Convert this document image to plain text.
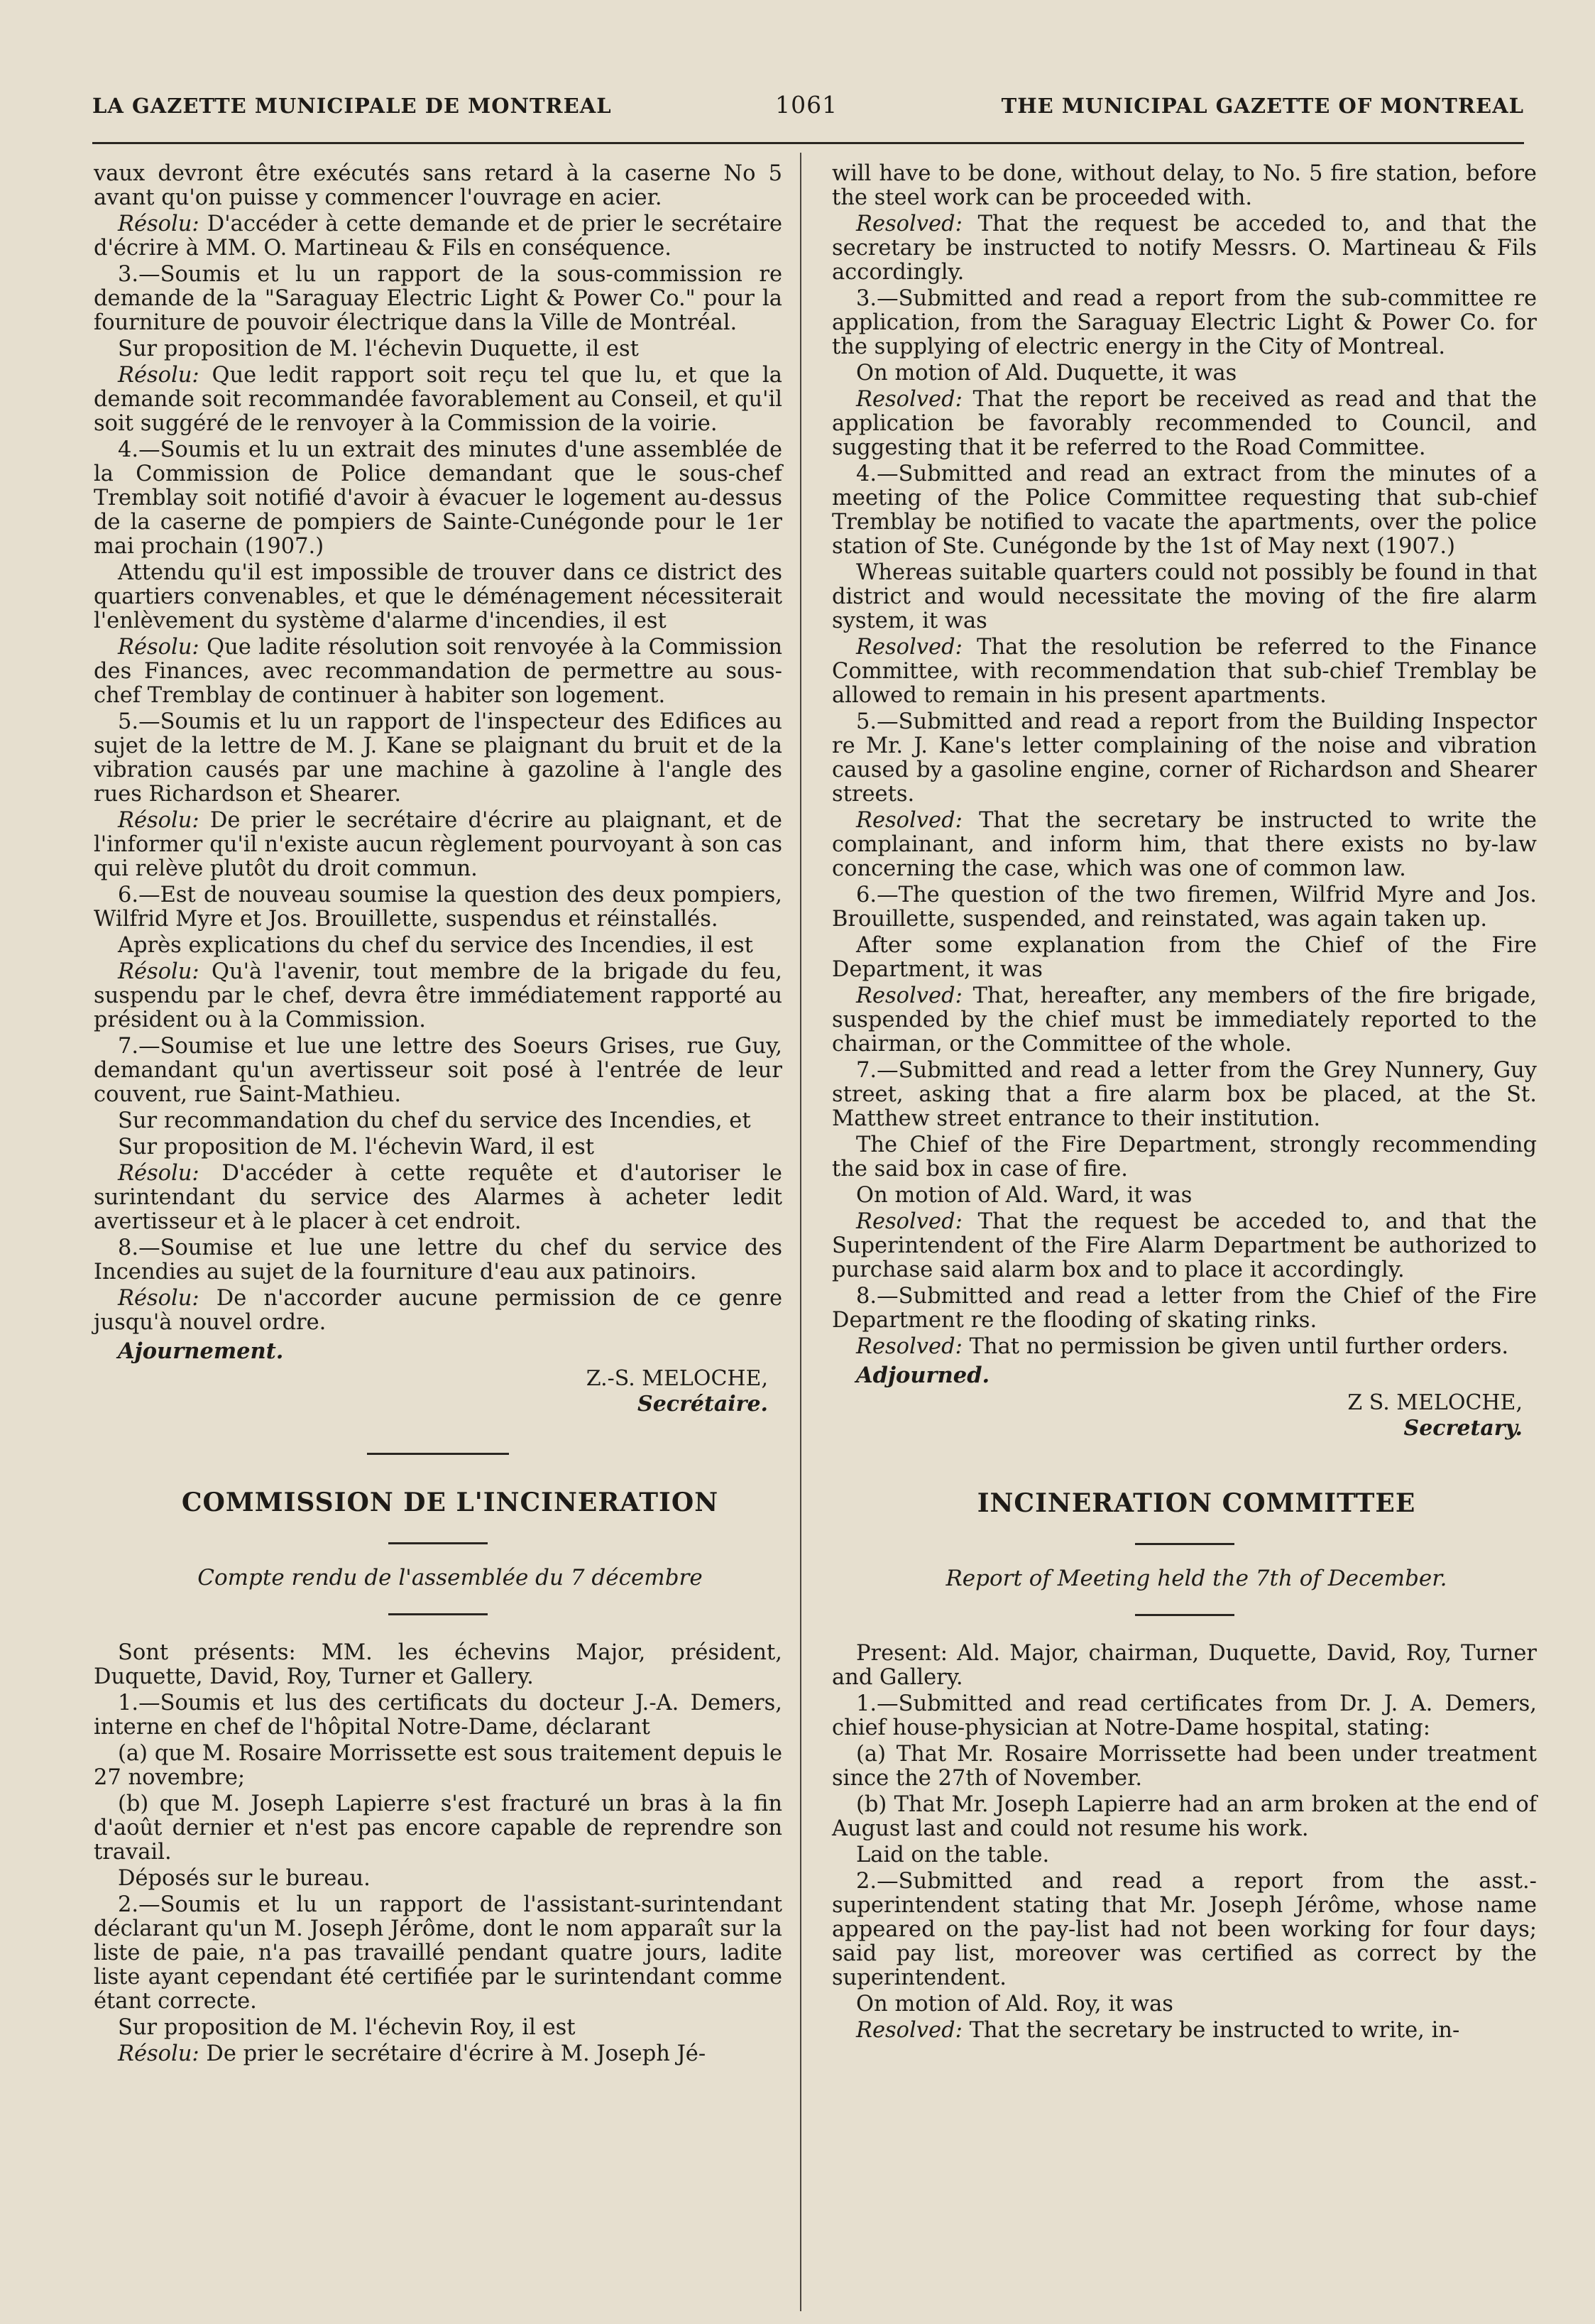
LA GAZETTE MUNICIPALE DE MONTREAL	1061	THE MUNICIPAL GAZETTE OF MONTREAL

vaux devront être exécutés sans retard à la caserne No 5 avant qu'on puisse y commencer l'ouvrage en acier.

Résolu: D'accéder à cette demande et de prier le secrétaire d'écrire à MM. O. Martineau & Fils en conséquence.

3.—Soumis et lu un rapport de la sous-commission re demande de la "Saraguay Electric Light & Power Co." pour la fourniture de pouvoir électrique dans la Ville de Montréal.

Sur proposition de M. l'échevin Duquette, il est

Résolu: Que ledit rapport soit reçu tel que lu, et que la demande soit recommandée favorablement au Conseil, et qu'il soit suggéré de le renvoyer à la Commission de la voirie.

4.—Soumis et lu un extrait des minutes d'une assemblée de la Commission de Police demandant que le sous-chef Tremblay soit notifié d'avoir à évacuer le logement au-dessus de la caserne de pompiers de Sainte-Cunégonde pour le 1er mai prochain (1907.)

Attendu qu'il est impossible de trouver dans ce district des quartiers convenables, et que le déménagement nécessiterait l'enlèvement du système d'alarme d'incendies, il est

Résolu: Que ladite résolution soit renvoyée à la Commission des Finances, avec recommandation de permettre au sous-chef Tremblay de continuer à habiter son logement.

5.—Soumis et lu un rapport de l'inspecteur des Edifices au sujet de la lettre de M. J. Kane se plaignant du bruit et de la vibration causés par une machine à gazoline à l'angle des rues Richardson et Shearer.

Résolu: De prier le secrétaire d'écrire au plaignant, et de l'informer qu'il n'existe aucun règlement pourvoyant à son cas qui relève plutôt du droit commun.

6.—Est de nouveau soumise la question des deux pompiers, Wilfrid Myre et Jos. Brouillette, suspendus et réinstallés.

Après explications du chef du service des Incendies, il est

Résolu: Qu'à l'avenir, tout membre de la brigade du feu, suspendu par le chef, devra être immédiatement rapporté au président ou à la Commission.

7.—Soumise et lue une lettre des Soeurs Grises, rue Guy, demandant qu'un avertisseur soit posé à l'entrée de leur couvent, rue Saint-Mathieu.

Sur recommandation du chef du service des Incendies, et

Sur proposition de M. l'échevin Ward, il est

Résolu: D'accéder à cette requête et d'autoriser le surintendant du service des Alarmes à acheter ledit avertisseur et à le placer à cet endroit.

8.—Soumise et lue une lettre du chef du service des Incendies au sujet de la fourniture d'eau aux patinoirs.

Résolu: De n'accorder aucune permission de ce genre jusqu'à nouvel ordre.

Ajournement.

Z.-S. MELOCHE,
Secrétaire.

COMMISSION DE L'INCINERATION

Compte rendu de l'assemblée du 7 décembre

Sont présents: MM. les échevins Major, président, Duquette, David, Roy, Turner et Gallery.

1.—Soumis et lus des certificats du docteur J.-A. Demers, interne en chef de l'hôpital Notre-Dame, déclarant

(a) que M. Rosaire Morrissette est sous traitement depuis le 27 novembre;

(b) que M. Joseph Lapierre s'est fracturé un bras à la fin d'août dernier et n'est pas encore capable de reprendre son travail.

Déposés sur le bureau.

2.—Soumis et lu un rapport de l'assistant-surintendant déclarant qu'un M. Joseph Jérôme, dont le nom apparaît sur la liste de paie, n'a pas travaillé pendant quatre jours, ladite liste ayant cependant été certifiée par le surintendant comme étant correcte.

Sur proposition de M. l'échevin Roy, il est

Résolu: De prier le secrétaire d'écrire à M. Joseph Jé-

will have to be done, without delay, to No. 5 fire station, before the steel work can be proceeded with.

Resolved: That the request be acceded to, and that the secretary be instructed to notify Messrs. O. Martineau & Fils accordingly.

3.—Submitted and read a report from the sub-committee re application, from the Saraguay Electric Light & Power Co. for the supplying of electric energy in the City of Montreal.

On motion of Ald. Duquette, it was

Resolved: That the report be received as read and that the application be favorably recommended to Council, and suggesting that it be referred to the Road Committee.

4.—Submitted and read an extract from the minutes of a meeting of the Police Committee requesting that sub-chief Tremblay be notified to vacate the apartments, over the police station of Ste. Cunégonde by the 1st of May next (1907.)

Whereas suitable quarters could not possibly be found in that district and would necessitate the moving of the fire alarm system, it was

Resolved: That the resolution be referred to the Finance Committee, with recommendation that sub-chief Tremblay be allowed to remain in his present apartments.

5.—Submitted and read a report from the Building Inspector re Mr. J. Kane's letter complaining of the noise and vibration caused by a gasoline engine, corner of Richardson and Shearer streets.

Resolved: That the secretary be instructed to write the complainant, and inform him, that there exists no by-law concerning the case, which was one of common law.

6.—The question of the two firemen, Wilfrid Myre and Jos. Brouillette, suspended, and reinstated, was again taken up.

After some explanation from the Chief of the Fire Department, it was

Resolved: That, hereafter, any members of the fire brigade, suspended by the chief must be immediately reported to the chairman, or the Committee of the whole.

7.—Submitted and read a letter from the Grey Nunnery, Guy street, asking that a fire alarm box be placed, at the St. Matthew street entrance to their institution.

The Chief of the Fire Department, strongly recommending the said box in case of fire.

On motion of Ald. Ward, it was

Resolved: That the request be acceded to, and that the Superintendent of the Fire Alarm Department be authorized to purchase said alarm box and to place it accordingly.

8.—Submitted and read a letter from the Chief of the Fire Department re the flooding of skating rinks.

Resolved: That no permission be given until further orders.

Adjourned.

Z S. MELOCHE,
Secretary.

INCINERATION COMMITTEE

Report of Meeting held the 7th of December.

Present: Ald. Major, chairman, Duquette, David, Roy, Turner and Gallery.

1.—Submitted and read certificates from Dr. J. A. Demers, chief house-physician at Notre-Dame hospital, stating:

(a) That Mr. Rosaire Morrissette had been under treatment since the 27th of November.

(b) That Mr. Joseph Lapierre had an arm broken at the end of August last and could not resume his work.

Laid on the table.

2.—Submitted and read a report from the asst.-superintendent stating that Mr. Joseph Jérôme, whose name appeared on the pay-list had not been working for four days; said pay list, moreover was certified as correct by the superintendent.

On motion of Ald. Roy, it was

Resolved: That the secretary be instructed to write, in-
